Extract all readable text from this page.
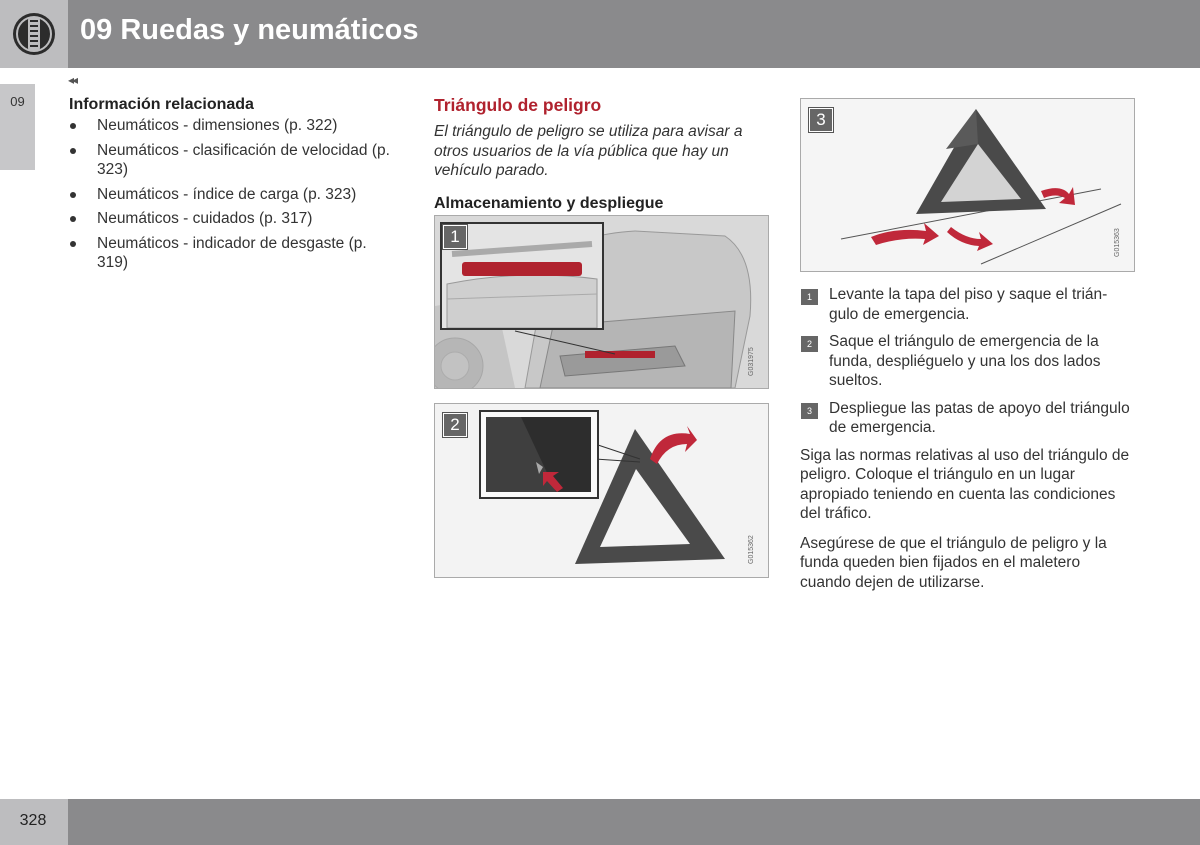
09 Ruedas y neumáticos
09
◂◂
Información relacionada
Neumáticos - dimensiones (p. 322)
Neumáticos - clasificación de velocidad (p. 323)
Neumáticos - índice de carga (p. 323)
Neumáticos - cuidados (p. 317)
Neumáticos - indicador de desgaste (p. 319)
Triángulo de peligro

El triángulo de peligro se utiliza para avisar a otros usuarios de la vía pública que hay un vehículo parado.

Almacenamiento y despliegue
1
G031975
2
G015362
3
G015363
1	Levante la tapa del piso y saque el triángulo de emergencia.
2	Saque el triángulo de emergencia de la funda, despliéguelo y una los dos lados sueltos.
3	Despliegue las patas de apoyo del triángulo de emergencia.

Siga las normas relativas al uso del triángulo de peligro. Coloque el triángulo en un lugar apropiado teniendo en cuenta las condiciones del tráfico.

Asegúrese de que el triángulo de peligro y la funda queden bien fijados en el maletero cuando dejen de utilizarse.

328
